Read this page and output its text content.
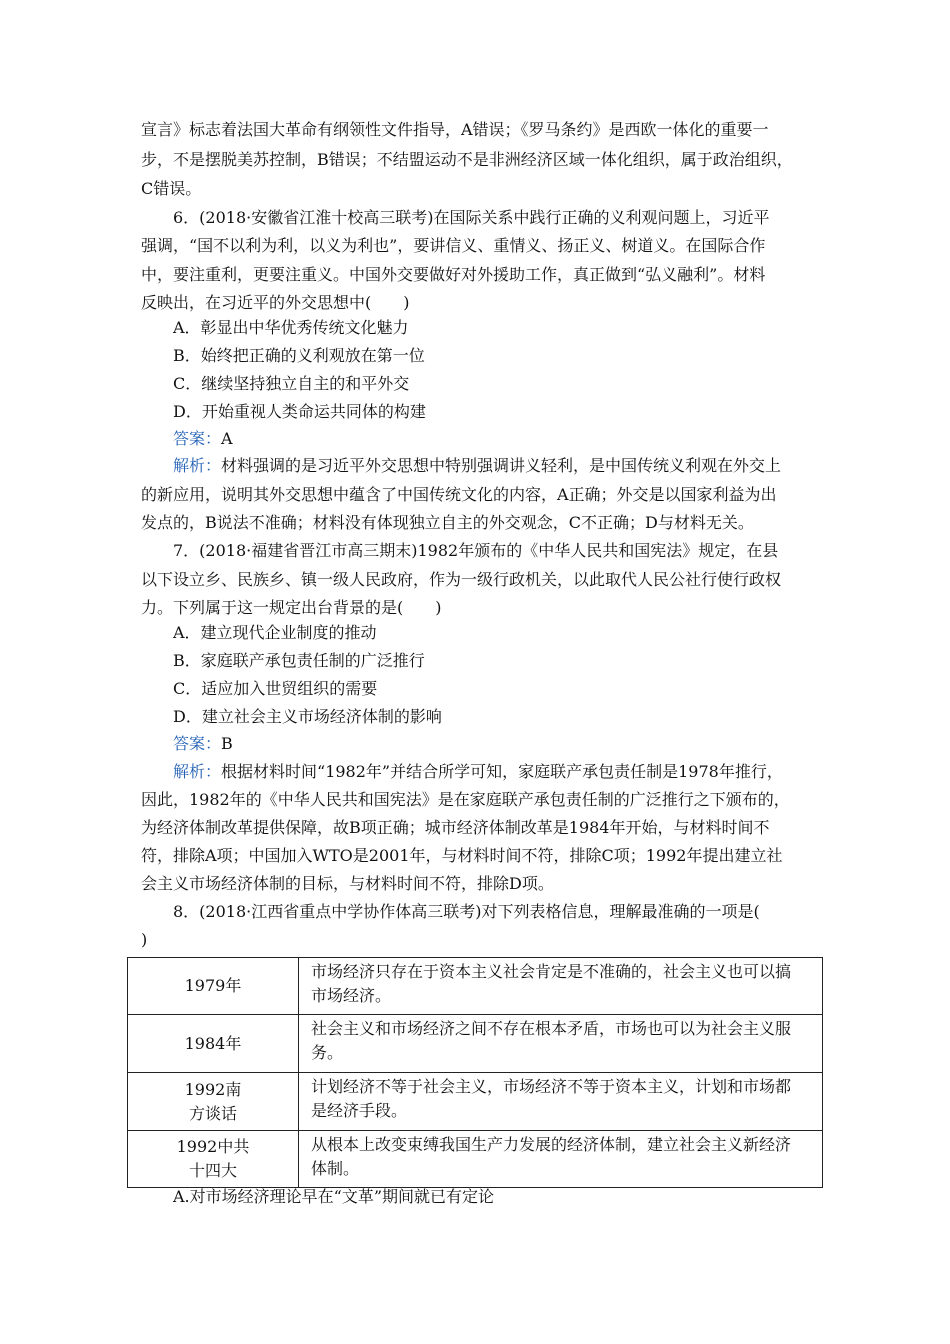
宣言》标志着法国大革命有纲领性文件指导，A错误；《罗马条约》是西欧一体化的重要一
步，不是摆脱美苏控制，B错误；不结盟运动不是非洲经济区域一体化组织，属于政治组织，
C错误。
6．(2018·安徽省江淮十校高三联考)在国际关系中践行正确的义利观问题上，习近平
强调，“国不以利为利，以义为利也”，要讲信义、重情义、扬正义、树道义。在国际合作
中，要注重利，更要注重义。中国外交要做好对外援助工作，真正做到“弘义融利”。材料
反映出，在习近平的外交思想中(　　)
A．彰显出中华优秀传统文化魅力
B．始终把正确的义利观放在第一位
C．继续坚持独立自主的和平外交
D．开始重视人类命运共同体的构建
答案：A
解析：材料强调的是习近平外交思想中特别强调讲义轻利，是中国传统义利观在外交上
的新应用，说明其外交思想中蕴含了中国传统文化的内容，A正确；外交是以国家利益为出
发点的，B说法不准确；材料没有体现独立自主的外交观念，C不正确；D与材料无关。
7．(2018·福建省晋江市高三期末)1982年颁布的《中华人民共和国宪法》规定，在县
以下设立乡、民族乡、镇一级人民政府，作为一级行政机关，以此取代人民公社行使行政权
力。下列属于这一规定出台背景的是(　　)
A．建立现代企业制度的推动
B．家庭联产承包责任制的广泛推行
C．适应加入世贸组织的需要
D．建立社会主义市场经济体制的影响
答案：B
解析：根据材料时间“1982年”并结合所学可知，家庭联产承包责任制是1978年推行，
因此，1982年的《中华人民共和国宪法》是在家庭联产承包责任制的广泛推行之下颁布的，
为经济体制改革提供保障，故B项正确；城市经济体制改革是1984年开始，与材料时间不
符，排除A项；中国加入WTO是2001年，与材料时间不符，排除C项；1992年提出建立社
会主义市场经济体制的目标，与材料时间不符，排除D项。
8．(2018·江西省重点中学协作体高三联考)对下列表格信息，理解最准确的一项是(
)
1979年	市场经济只存在于资本主义社会肯定是不准确的，社会主义也可以搞
市场经济。

1984年	社会主义和市场经济之间不存在根本矛盾，市场也可以为社会主义服
务。

1992南
方谈话	计划经济不等于社会主义，市场经济不等于资本主义，计划和市场都
是经济手段。

1992中共
十四大	从根本上改变束缚我国生产力发展的经济体制，建立社会主义新经济
体制。
A.对市场经济理论早在“文革”期间就已有定论
